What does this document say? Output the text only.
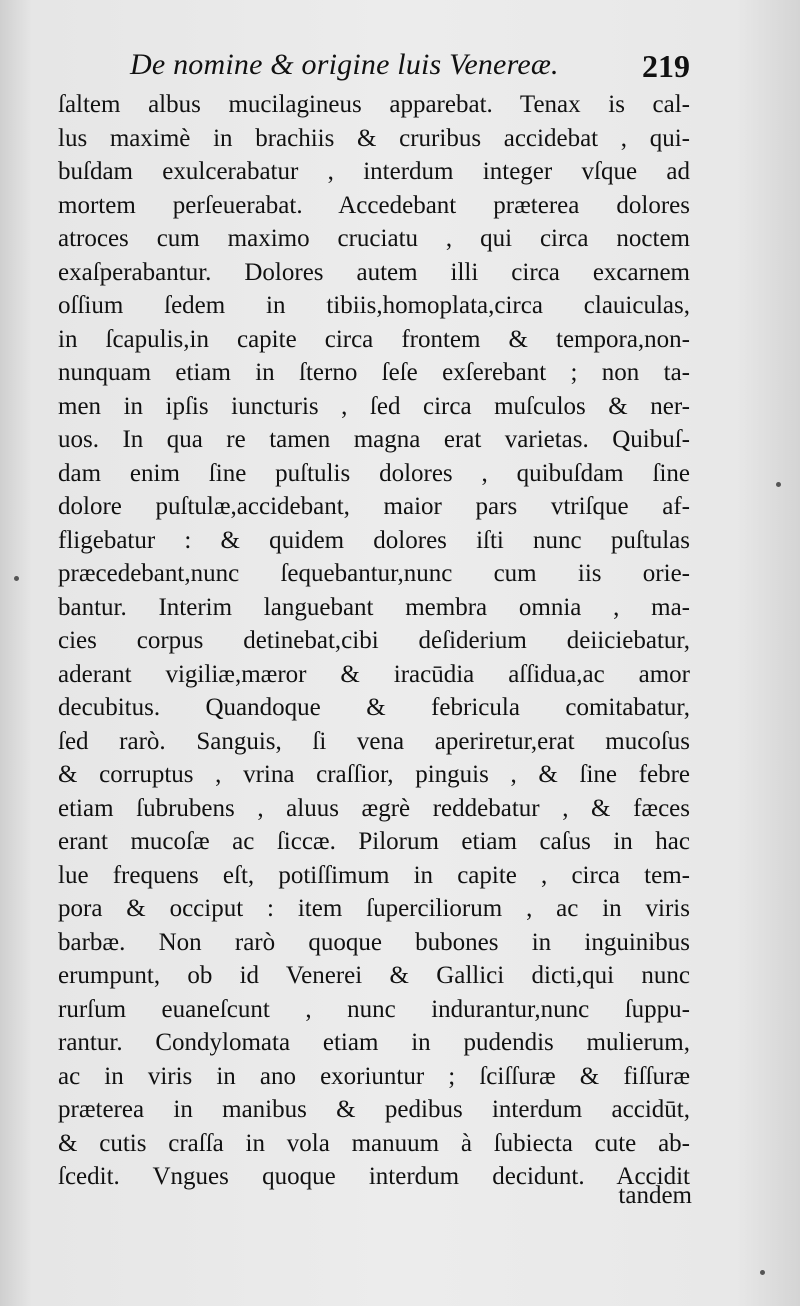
De nomine & origine luis Venereæ.	219
ſaltem albus mucilagineus apparebat. Tenax is cal-
lus maximè in brachiis & cruribus accidebat , qui-
buſdam exulcerabatur , interdum integer vſque ad
mortem perſeuerabat. Accedebant præterea dolores
atroces cum maximo cruciatu , qui circa noctem
exaſperabantur. Dolores autem illi circa excarnem
oſſium ſedem in tibiis,homoplata,circa clauiculas,
in ſcapulis,in capite circa frontem & tempora,non-
nunquam etiam in ſterno ſeſe exſerebant ; non ta-
men in ipſis iuncturis , ſed circa muſculos & ner-
uos. In qua re tamen magna erat varietas. Quibuſ-
dam enim ſine puſtulis dolores , quibuſdam ſine
dolore puſtulæ,accidebant, maior pars vtriſque af-
fligebatur : & quidem dolores iſti nunc puſtulas
præcedebant,nunc ſequebantur,nunc cum iis orie-
bantur. Interim languebant membra omnia , ma-
cies corpus detinebat,cibi deſiderium deiiciebatur,
aderant vigiliæ,mæror & iracūdia aſſidua,ac amor
decubitus. Quandoque & febricula comitabatur,
ſed rarò. Sanguis, ſi vena aperiretur,erat mucoſus
& corruptus , vrina craſſior, pinguis , & ſine febre
etiam ſubrubens , aluus ægrè reddebatur , & fæces
erant mucoſæ ac ſiccæ. Pilorum etiam caſus in hac
lue frequens eſt, potiſſimum in capite , circa tem-
pora & occiput : item ſuperciliorum , ac in viris
barbæ. Non rarò quoque bubones in inguinibus
erumpunt, ob id Venerei & Gallici dicti,qui nunc
rurſum euaneſcunt , nunc indurantur,nunc ſuppu-
rantur. Condylomata etiam in pudendis mulierum,
ac in viris in ano exoriuntur ; ſciſſuræ & fiſſuræ
præterea in manibus & pedibus interdum accidūt,
& cutis craſſa in vola manuum à ſubiecta cute ab-
ſcedit. Vngues quoque interdum decidunt. Accidit
tandem
